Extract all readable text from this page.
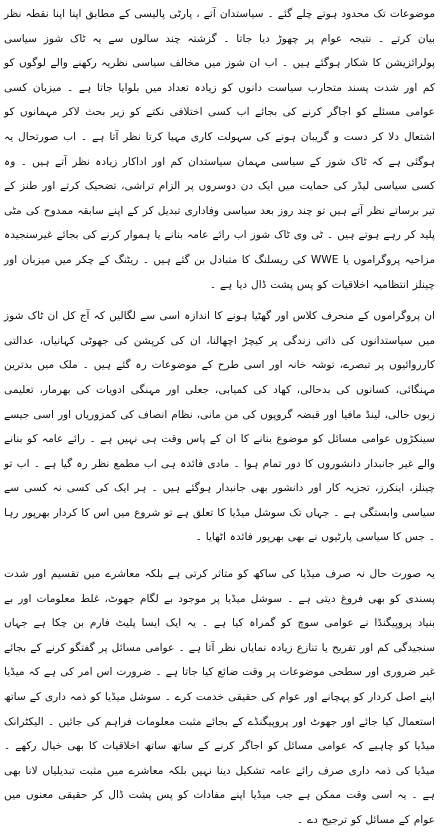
موضوعات تک محدود ہوتے چلے گئے ۔ سیاستدان آتے ، پارٹی پالیسی کے مطابق اپنا اپنا نقطہ نظر بیان کرتے ۔ نتیجہ عوام پر چھوڑ دیا جاتا ۔ گزشتہ چند سالوں سے یہ ٹاک شوز سیاسی پولرائزیشن کا شکار ہوگئے ہیں ۔ اب ان شوز میں مخالف سیاسی نظریہ رکھنے والے لوگوں کو کم اور شدت پسند متحارب سیاست دانوں کو زیادہ تعداد میں بلوایا جاتا ہے ۔ میزبان کسی عوامی مسئلے کو اجاگر کرنے کی بجائے اب کسی اختلافی نکتے کو زیر بحث لاکر مہمانوں کو اشتعال دلا کر دست و گریبان ہونے کی سہولت کاری مہیا کرتا نظر آتا ہے ۔ اب صورتحال یہ ہوگئی ہے کہ ٹاک شوز کے سیاسی مہمان سیاستدان کم اور اداکار زیادہ نظر آتے ہیں ۔ وہ کسی سیاسی لیڈر کی حمایت میں ایک دن دوسروں پر الزام تراشی، تضحیک کرتے اور طنز کے تیر برساتے نظر آتے ہیں تو چند روز بعد سیاسی وفاداری تبدیل کر کے اپنے سابقہ ممدوح کی مٹی پلید کر رہے ہوتے ہیں ۔ ٹی وی ٹاک شوز اب رائے عامہ بنانے یا ہموار کرنے کی بجائے غیرسنجیدہ مزاحیہ پروگراموں یا WWE کی ریسلنگ کا متبادل بن گئے ہیں ۔ ریٹنگ کے چکر میں میزبان اور چینلز انتظامیہ اخلاقیات کو پس پشت ڈال دیا ہے ۔

ان پروگراموں کے منحرف کلاس اور گھٹیا ہونے کا اندازہ اسی سے لگالیں کہ آج کل ان ٹاک شوز میں سیاستدانوں کی ذاتی زندگی پر کیچڑ اچھالنا، ان کی کرپشن کی جھوٹی کہانیاں، عدالتی کارروائیوں پر تبصرے، توشہ خانہ اور اسی طرح کے موضوعات رہ گئے ہیں ۔ ملک میں بدترین مہنگائی، کسانوں کی بدحالی، کھاد کی کمیابی، جعلی اور مہنگی ادویات کی بھرمار، تعلیمی زبوں حالی، لینڈ مافیا اور قبضہ گروپوں کی من مانی، نظام انصاف کی کمزوریاں اور اسی جیسے سینکڑوں عوامی مسائل کو موضوع بنانے کا ان کے پاس وقت ہی نہیں ہے ۔ رائے عامہ کو بنانے والے غیر جانبدار دانشوروں کا دور تمام ہوا ۔ مادی فائدہ ہی اب مطمع نظر رہ گیا ہے ۔ اب تو چینلز، اینکرز، تجزیہ کار اور دانشور بھی جانبدار ہوگئے ہیں ۔ ہر ایک کی کسی نہ کسی سے سیاسی وابستگی ہے ۔ جہاں تک سوشل میڈیا کا تعلق ہے تو شروع میں اس کا کردار بھرپور رہا ۔ جس کا سیاسی پارٹیوں نے بھی بھرپور فائدہ اٹھایا ۔

یہ صورت حال نہ صرف میڈیا کی ساکھ کو متاثر کرتی ہے بلکہ معاشرے میں تقسیم اور شدت پسندی کو بھی فروغ دیتی ہے ۔ سوشل میڈیا پر موجود بے لگام جھوٹ، غلط معلومات اور بے بنیاد پروپیگنڈا نے عوامی سوچ کو گمراہ کیا ہے ۔ یہ ایک ایسا پلیٹ فارم بن چکا ہے جہاں سنجیدگی کم اور تفریح یا تنازع زیادہ نمایاں نظر آتا ہے ۔ عوامی مسائل پر گفتگو کرنے کے بجائے غیر ضروری اور سطحی موضوعات پر وقت ضائع کیا جاتا ہے ۔ ضرورت اس امر کی ہے کہ میڈیا اپنے اصل کردار کو پہچانے اور عوام کی حقیقی خدمت کرے ۔ سوشل میڈیا کو ذمہ داری کے ساتھ استعمال کیا جائے اور جھوٹ اور پروپیگنڈے کے بجائے مثبت معلومات فراہم کی جائیں ۔ الیکٹرانک میڈیا کو چاہیے کہ عوامی مسائل کو اجاگر کرنے کے ساتھ ساتھ اخلاقیات کا بھی خیال رکھے ۔ میڈیا کی ذمہ داری صرف رائے عامہ تشکیل دینا نہیں بلکہ معاشرے میں مثبت تبدیلیاں لانا بھی ہے ۔ یہ اسی وقت ممکن ہے جب میڈیا اپنے مفادات کو پس پشت ڈال کر حقیقی معنوں میں عوام کے مسائل کو ترجیح دے ۔
